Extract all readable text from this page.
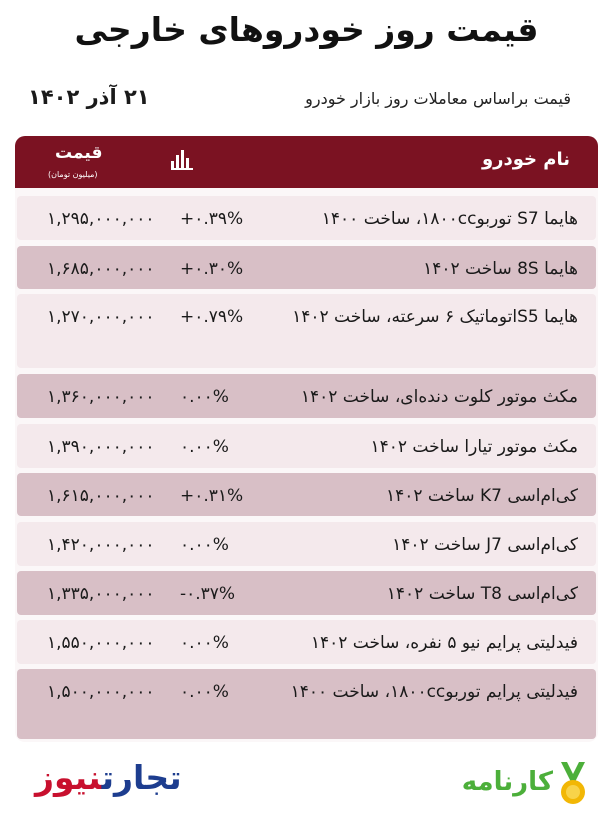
قیمت روز خودروهای خارجی
۲۱ آذر ۱۴۰۲	قیمت براساس معاملات روز بازار خودرو
نام خودرو
قیمت
(میلیون تومان)
هایما S7 توربو۱۸۰۰cc، ساخت ۱۴۰۰
+۰.۳۹%
۱,۲۹۵,۰۰۰,۰۰۰
هایما 8S ساخت ۱۴۰۲
+۰.۳۰%
۱,۶۸۵,۰۰۰,۰۰۰
هایما S5اتوماتیک ۶ سرعته، ساخت ۱۴۰۲
+۰.۷۹%
۱,۲۷۰,۰۰۰,۰۰۰
مکث موتور کلوت دنده‌ای، ساخت ۱۴۰۲
۰.۰۰%
۱,۳۶۰,۰۰۰,۰۰۰
مکث موتور تیارا ساخت ۱۴۰۲
۰.۰۰%
۱,۳۹۰,۰۰۰,۰۰۰
کی‌ام‌اسی K7 ساخت ۱۴۰۲
+۰.۳۱%
۱,۶۱۵,۰۰۰,۰۰۰
کی‌ام‌اسی J7 ساخت ۱۴۰۲
۰.۰۰%
۱,۴۲۰,۰۰۰,۰۰۰
کی‌ام‌اسی T8 ساخت ۱۴۰۲
-۰.۳۷%
۱,۳۳۵,۰۰۰,۰۰۰
فیدلیتی پرایم نیو ۵ نفره، ساخت ۱۴۰۲
۰.۰۰%
۱,۵۵۰,۰۰۰,۰۰۰
فیدلیتی پرایم توربو۱۸۰۰cc، ساخت ۱۴۰۰
۰.۰۰%
۱,۵۰۰,۰۰۰,۰۰۰
تجارتنیوز	کارنامه
